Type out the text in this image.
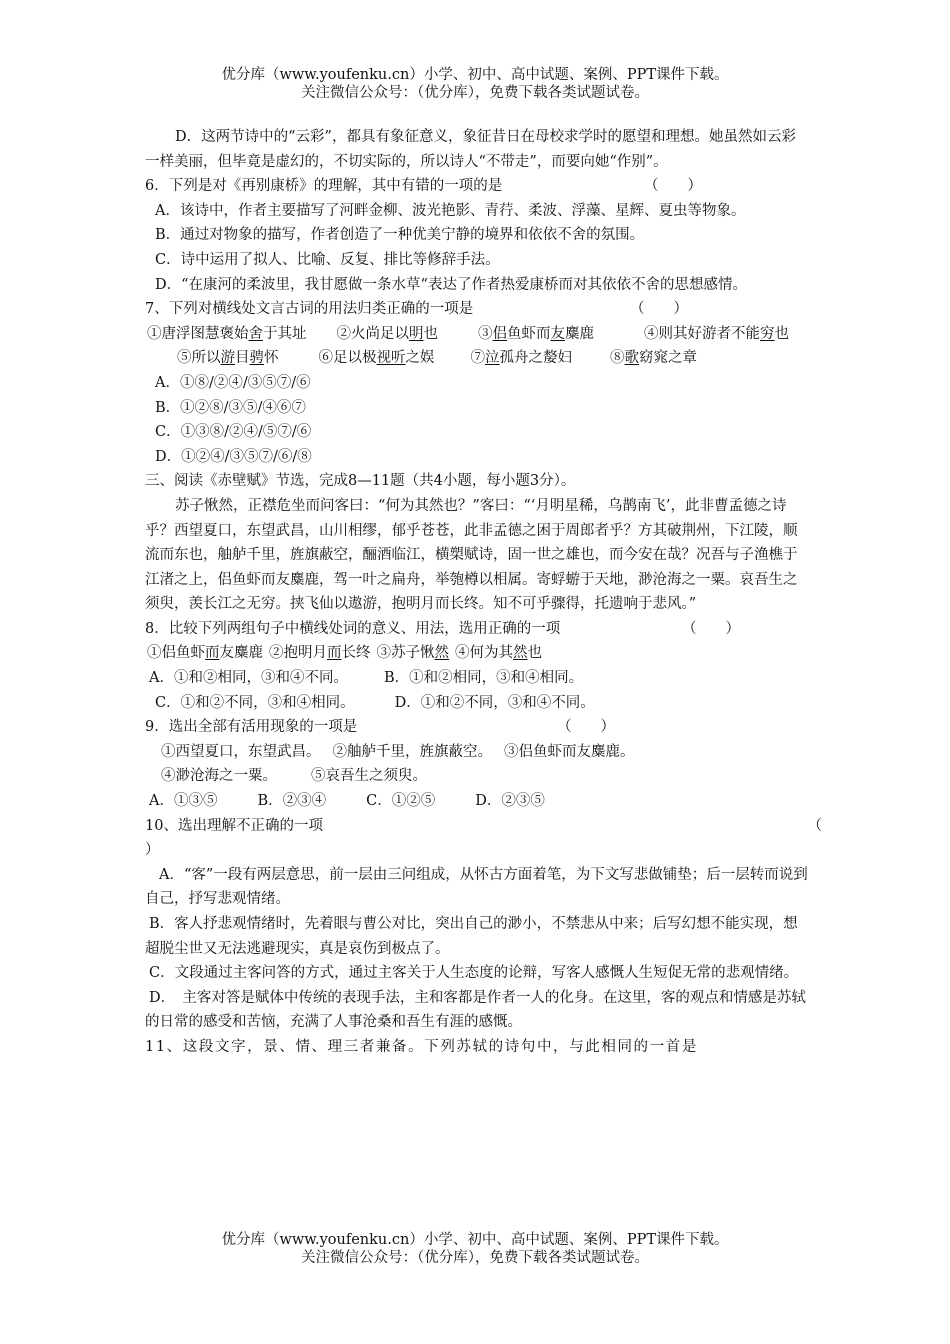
优分库（www.youfenku.cn）小学、初中、高中试题、案例、PPT课件下载。
关注微信公众号：（优分库），免费下载各类试题试卷。

D．这两节诗中的“云彩”，都具有象征意义，象征昔日在母校求学时的愿望和理想。她虽然如云彩一样美丽，但毕竟是虚幻的，不切实际的，所以诗人“不带走”，而要向她“作别”。

6．下列是对《再别康桥》的理解，其中有错的一项的是	（　　）

A．该诗中，作者主要描写了河畔金柳、波光艳影、青荇、柔波、浮藻、星辉、夏虫等物象。

B．通过对物象的描写，作者创造了一种优美宁静的境界和依依不舍的氛围。

C．诗中运用了拟人、比喻、反复、排比等修辞手法。

D．“在康河的柔波里，我甘愿做一条水草“表达了作者热爱康桥而对其依依不舍的思想感情。

7、下列对横线处文言古词的用法归类正确的一项是	（　　）

①唐浮图慧褒始舍于其址 ②火尚足以明也	③侣鱼虾而友麋鹿	④则其好游者不能穷也⑤所以游目骋怀	⑥足以极视听之娱 ⑦泣孤舟之嫠妇	⑧歌窈窕之章

A．①⑧/②④/③⑤⑦/⑥

B．①②⑧/③⑤/④⑥⑦

C．①③⑧/②④/⑤⑦/⑥

D．①②④/③⑤⑦/⑥/⑧

三、阅读《赤壁赋》节选，完成8—11题（共4小题，每小题3分）。

苏子愀然，正襟危坐而问客曰：“何为其然也？”客曰：“‘月明星稀，乌鹊南飞’，此非曹孟德之诗乎？西望夏口，东望武昌，山川相缪，郁乎苍苍，此非孟德之困于周郎者乎？方其破荆州，下江陵，顺流而东也，舳舻千里，旌旗蔽空，酾酒临江，横槊赋诗，固一世之雄也，而今安在哉？况吾与子渔樵于江渚之上，侣鱼虾而友麋鹿，驾一叶之扁舟，举匏樽以相属。寄蜉蝣于天地，渺沧海之一粟。哀吾生之须臾，羡长江之无穷。挟飞仙以遨游，抱明月而长终。知不可乎骤得，托遗响于悲风。”

8．比较下列两组句子中横线处词的意义、用法，选用正确的一项	（　　）

①侣鱼虾而友麋鹿 ②抱明月而长终 ③苏子愀然 ④何为其然也

A．①和②相同，③和④不同。 B．①和②相同，③和④相同。

C．①和②不同，③和④相同。	D．①和②不同，③和④不同。

9．选出全部有活用现象的一项是	（　　）

①西望夏口，东望武昌。 ②舳舻千里，旌旗蔽空。 ③侣鱼虾而友麋鹿。

④渺沧海之一粟。 ⑤哀吾生之须臾。

A．①③⑤	B．②③④	C．①②⑤	D．②③⑤

10、选出理解不正确的一项	（

）

A．“客”一段有两层意思，前一层由三问组成，从怀古方面着笔，为下文写悲做铺垫；后一层转而说到自己，抒写悲观情绪。

B．客人抒悲观情绪时，先着眼与曹公对比，突出自己的渺小，不禁悲从中来；后写幻想不能实现，想超脱尘世又无法逃避现实，真是哀伤到极点了。

C．文段通过主客问答的方式，通过主客关于人生态度的论辩，写客人感慨人生短促无常的悲观情绪。

D．　主客对答是赋体中传统的表现手法，主和客都是作者一人的化身。在这里，客的观点和情感是苏轼的日常的感受和苦恼，充满了人事沧桑和吾生有涯的感慨。

11、这段文字，景、情、理三者兼备。下列苏轼的诗句中，与此相同的一首是

优分库（www.youfenku.cn）小学、初中、高中试题、案例、PPT课件下载。
关注微信公众号：（优分库），免费下载各类试题试卷。
